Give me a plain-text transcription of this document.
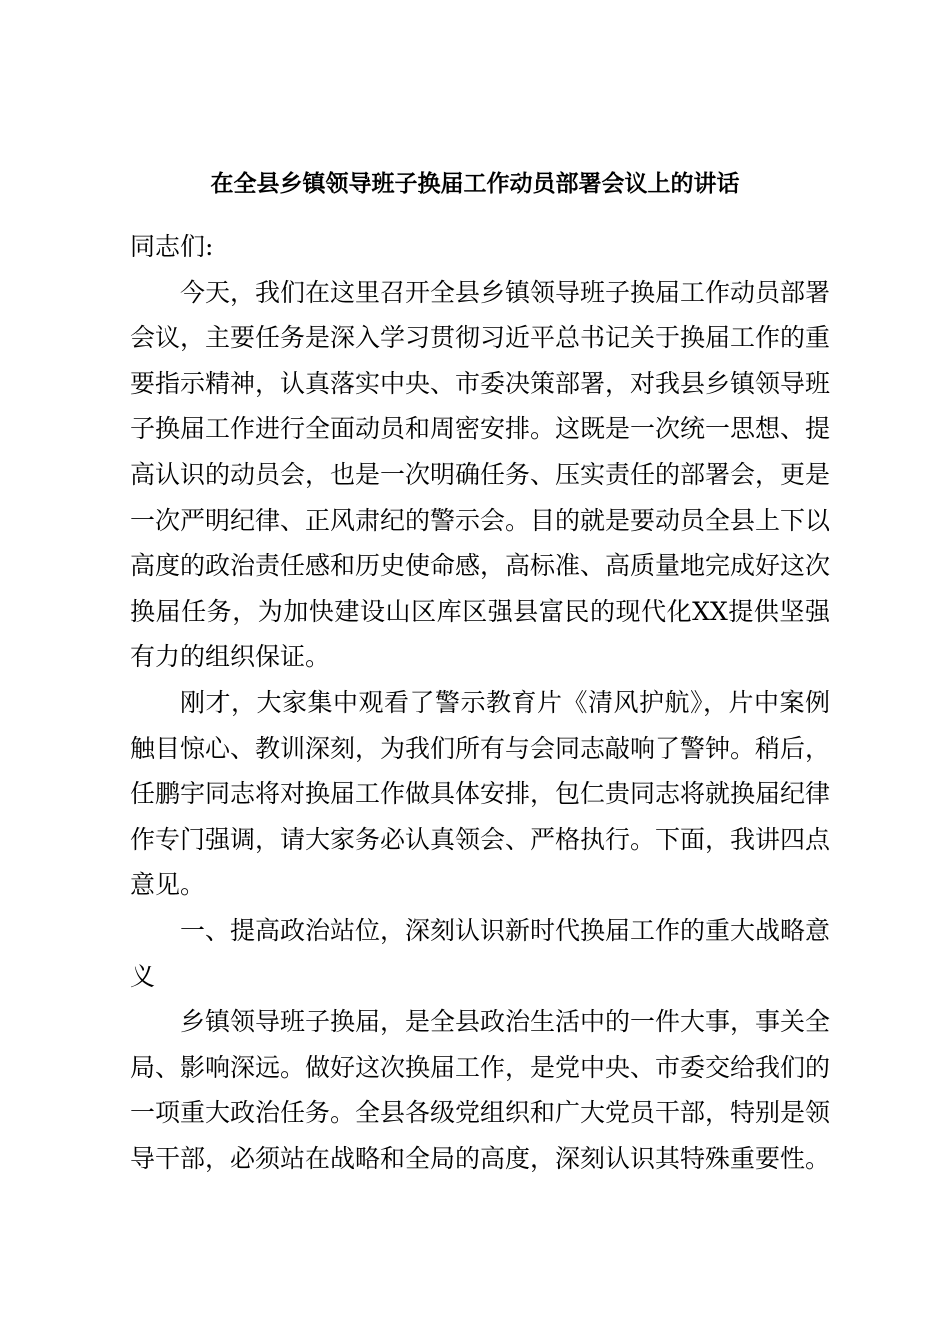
在全县乡镇领导班子换届工作动员部署会议上的讲话

同志们:

今天，我们在这里召开全县乡镇领导班子换届工作动员部署会议，主要任务是深入学习贯彻习近平总书记关于换届工作的重要指示精神，认真落实中央、市委决策部署，对我县乡镇领导班子换届工作进行全面动员和周密安排。这既是一次统一思想、提高认识的动员会，也是一次明确任务、压实责任的部署会，更是一次严明纪律、正风肃纪的警示会。目的就是要动员全县上下以高度的政治责任感和历史使命感，高标准、高质量地完成好这次换届任务，为加快建设山区库区强县富民的现代化XX提供坚强有力的组织保证。

刚才，大家集中观看了警示教育片《清风护航》，片中案例触目惊心、教训深刻，为我们所有与会同志敲响了警钟。稍后，任鹏宇同志将对换届工作做具体安排，包仁贵同志将就换届纪律作专门强调，请大家务必认真领会、严格执行。下面，我讲四点意见。

一、提高政治站位，深刻认识新时代换届工作的重大战略意义

乡镇领导班子换届，是全县政治生活中的一件大事，事关全局、影响深远。做好这次换届工作，是党中央、市委交给我们的一项重大政治任务。全县各级党组织和广大党员干部，特别是领导干部，必须站在战略和全局的高度，深刻认识其特殊重要性。
